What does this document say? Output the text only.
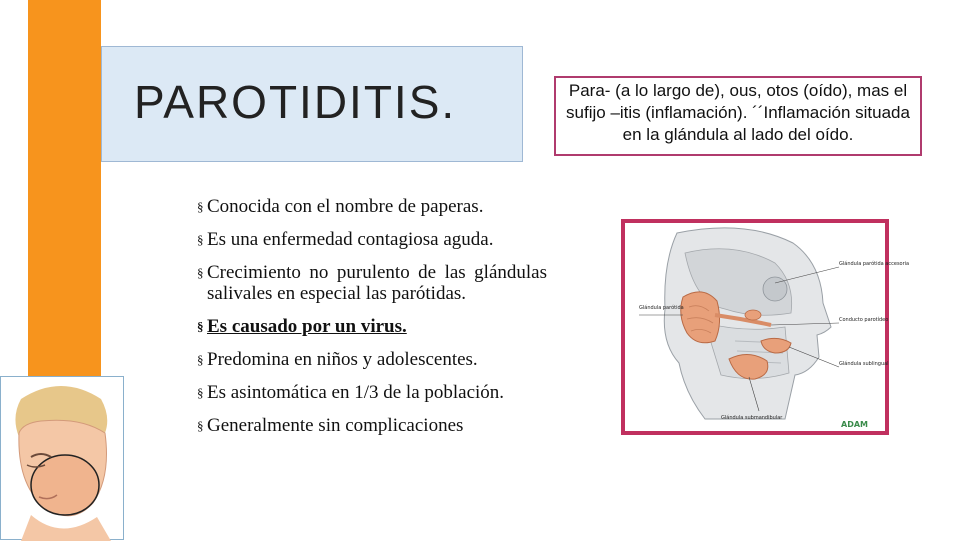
PAROTIDITIS.	Para- (a lo largo de), ous, otos (oído), mas el sufijo –itis (inflamación). ´´Inflamación situada en la glándula al lado del oído.
§ Conocida con el nombre de paperas.
§ Es una enfermedad contagiosa aguda.
§ Crecimiento no purulento de las glándulas salivales en especial las parótidas.
§ Es causado por un virus.
§ Predomina en niños y adolescentes.
§ Es asintomática en 1/3 de la población.
§ Generalmente sin complicaciones
Glándula parótida
Glándula parótida accesoria
Conducto parotídeo
Glándula sublingual
Glándula submandibular
ADAM
